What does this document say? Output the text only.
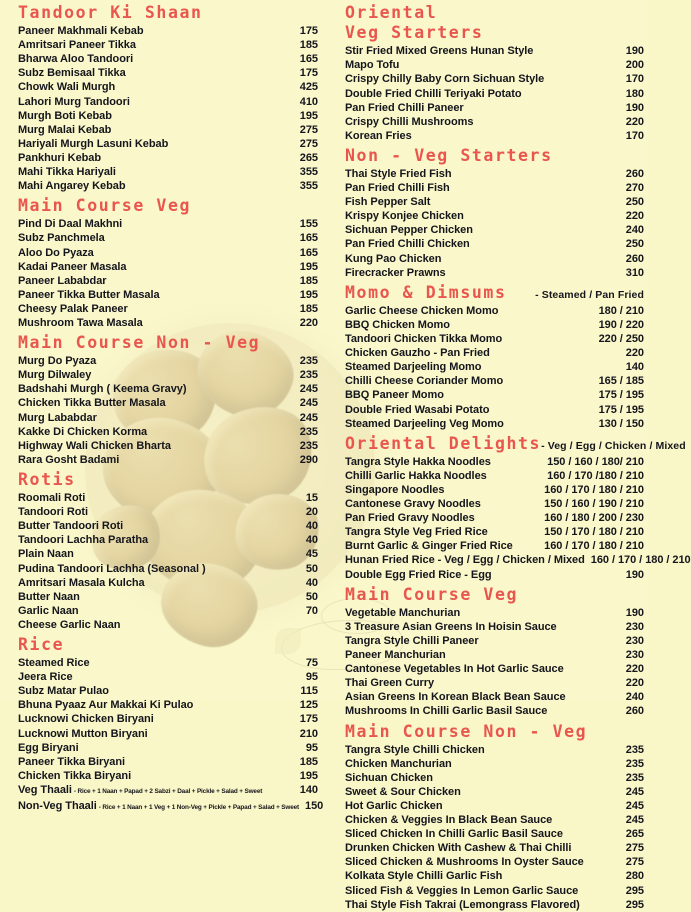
Tandoor Ki Shaan
Paneer Makhmali Kebab	175
Amritsari Paneer Tikka	185
Bharwa Aloo Tandoori	165
Subz Bemisaal Tikka	175
Chowk Wali Murgh	425
Lahori Murg Tandoori	410
Murgh Boti Kebab	195
Murg Malai Kebab	275
Hariyali Murgh Lasuni Kebab	275
Pankhuri Kebab	265
Mahi Tikka Hariyali	355
Mahi Angarey Kebab	355
Main Course Veg
Pind Di Daal Makhni	155
Subz Panchmela	165
Aloo Do Pyaza	165
Kadai Paneer Masala	195
Paneer Lababdar	185
Paneer Tikka Butter Masala	195
Cheesy Palak Paneer	185
Mushroom Tawa Masala	220
Main Course Non - Veg
Murg Do Pyaza	235
Murg Dilwaley	235
Badshahi Murgh ( Keema Gravy)	245
Chicken Tikka Butter Masala	245
Murg Lababdar	245
Kakke Di Chicken Korma	235
Highway Wali Chicken Bharta	235
Rara Gosht Badami	290
Rotis
Roomali Roti	15
Tandoori Roti	20
Butter Tandoori Roti	40
Tandoori Lachha Paratha	40
Plain Naan	45
Pudina Tandoori Lachha (Seasonal )	50
Amritsari Masala Kulcha	40
Butter Naan	50
Garlic Naan	70
Cheese Garlic Naan
Rice
Steamed Rice	75
Jeera Rice	95
Subz Matar Pulao	115
Bhuna Pyaaz Aur Makkai Ki Pulao	125
Lucknowi Chicken Biryani	175
Lucknowi Mutton Biryani	210
Egg Biryani	95
Paneer Tikka Biryani	185
Chicken Tikka Biryani	195
Veg Thaali - Rice + 1 Naan + Papad + 2 Sabzi + Daal + Pickle + Salad + Sweet	140
Non-Veg Thaali - Rice + 1 Naan + 1 Veg + 1 Non-Veg + Pickle + Papad + Salad + Sweet 150
Oriental
Veg Starters
Stir Fried Mixed Greens Hunan Style	190
Mapo Tofu	200
Crispy Chilly Baby Corn Sichuan Style	170
Double Fried Chilli Teriyaki Potato	180
Pan Fried Chilli Paneer	190
Crispy Chilli Mushrooms	220
Korean Fries	170
Non - Veg Starters
Thai Style Fried Fish	260
Pan Fried Chilli Fish	270
Fish Pepper Salt	250
Krispy Konjee Chicken	220
Sichuan Pepper Chicken	240
Pan Fried Chilli Chicken	250
Kung Pao Chicken	260
Firecracker Prawns	310
Momo & Dimsums	- Steamed / Pan Fried
Garlic Cheese Chicken Momo	180 / 210
BBQ Chicken Momo	190 / 220
Tandoori Chicken Tikka Momo	220 / 250
Chicken Gauzho - Pan Fried	220
Steamed Darjeeling Momo	140
Chilli Cheese Coriander Momo	165 / 185
BBQ Paneer Momo	175 / 195
Double Fried Wasabi Potato	175 / 195
Steamed Darjeeling Veg Momo	130 / 150
Oriental Delights - Veg / Egg / Chicken / Mixed
Tangra Style Hakka Noodles	150 / 160 / 180/ 210
Chilli Garlic Hakka Noodles	160 / 170 /180 / 210
Singapore Noodles	160 / 170 / 180 / 210
Cantonese Gravy Noodles	150 / 160 / 190 / 210
Pan Fried Gravy Noodles	160 / 180 / 200 / 230
Tangra Style Veg Fried Rice	150 / 170 / 180 / 210
Burnt Garlic & Ginger Fried Rice	160 / 170 / 180 / 210
Hunan Fried Rice - Veg / Egg / Chicken / Mixed 160 / 170 / 180 / 210
Double Egg Fried Rice - Egg	190
Main Course Veg
Vegetable Manchurian	190
3 Treasure Asian Greens In Hoisin Sauce	230
Tangra Style Chilli Paneer	230
Paneer Manchurian	230
Cantonese Vegetables In Hot Garlic Sauce	220
Thai Green Curry	220
Asian Greens In Korean Black Bean Sauce	240
Mushrooms In Chilli Garlic Basil Sauce	260
Main Course Non - Veg
Tangra Style Chilli Chicken	235
Chicken Manchurian	235
Sichuan Chicken	235
Sweet & Sour Chicken	245
Hot Garlic Chicken	245
Chicken & Veggies In Black Bean Sauce	245
Sliced Chicken In Chilli Garlic Basil Sauce	265
Drunken Chicken With Cashew & Thai Chilli	275
Sliced Chicken & Mushrooms In Oyster Sauce	275
Kolkata Style Chilli Garlic Fish	280
Sliced Fish & Veggies In Lemon Garlic Sauce	295
Thai Style Fish Takrai (Lemongrass Flavored)	295
